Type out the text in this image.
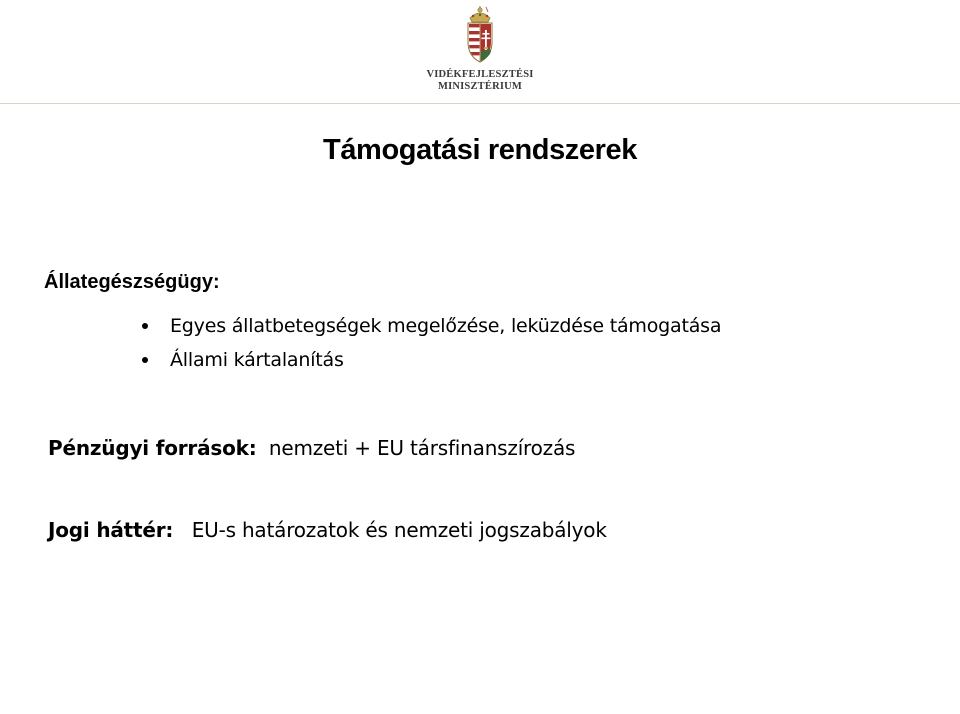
VIDÉKFEJLESZTÉSI
MINISZTÉRIUM
Támogatási rendszerek
Állategészségügy:
Egyes állatbetegségek megelőzése, leküzdése támogatása
Állami kártalanítás
Pénzügyi források:  nemzeti + EU társfinanszírozás
Jogi háttér:   EU-s határozatok és nemzeti jogszabályok
